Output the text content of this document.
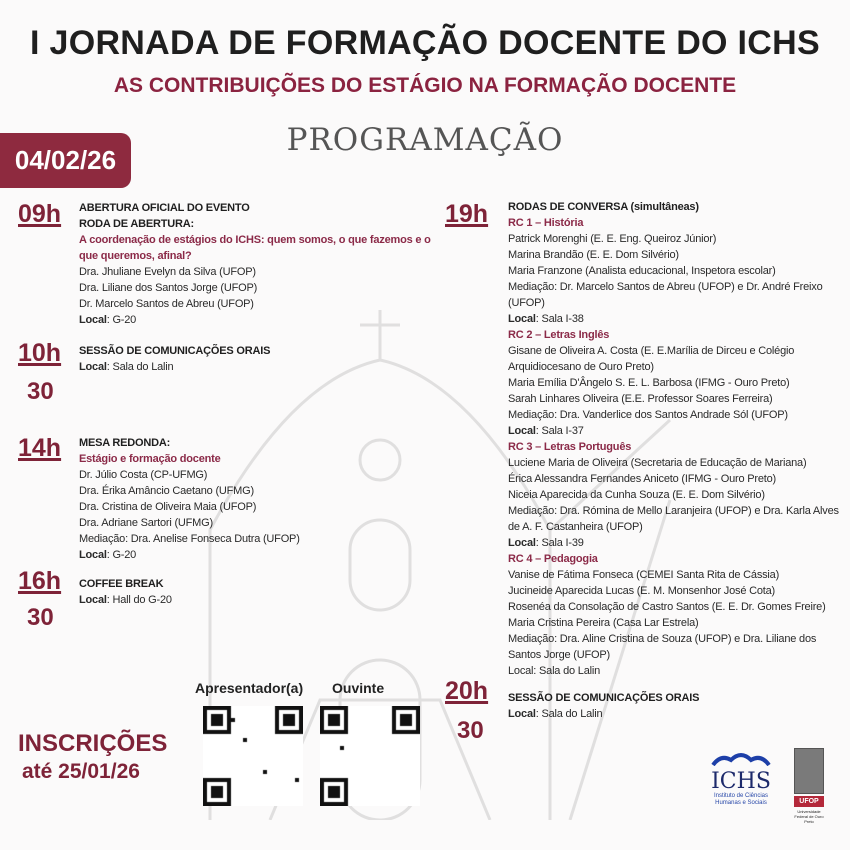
I JORNADA DE FORMAÇÃO DOCENTE DO ICHS
AS CONTRIBUIÇÕES DO ESTÁGIO NA FORMAÇÃO DOCENTE
PROGRAMAÇÃO
04/02/26
09h ABERTURA OFICIAL DO EVENTO
RODA DE ABERTURA:
A coordenação de estágios do ICHS: quem somos, o que fazemos e o
que queremos, afinal?
Dra. Jhuliane Evelyn da Silva (UFOP)
Dra. Liliane dos Santos Jorge (UFOP)
Dr. Marcelo Santos de Abreu (UFOP)
Local: G-20
10h
30
SESSÃO DE COMUNICAÇÕES ORAIS
Local: Sala do Lalin
14h MESA REDONDA:
Estágio e formação docente
Dr. Júlio Costa (CP-UFMG)
Dra. Érika Amâncio Caetano (UFMG)
Dra. Cristina de Oliveira Maia (UFOP)
Dra. Adriane Sartori (UFMG)
Mediação: Dra. Anelise Fonseca Dutra (UFOP)
Local: G-20
16h
30
COFFEE BREAK
Local: Hall do G-20
19h RODAS DE CONVERSA (simultâneas)
RC 1 – História
Patrick Morenghi (E. E. Eng. Queiroz Júnior)
Marina Brandão (E. E. Dom Silvério)
Maria Franzone (Analista educacional, Inspetora escolar)
Mediação: Dr. Marcelo Santos de Abreu (UFOP) e Dr. André Freixo
(UFOP)
Local: Sala I-38
RC 2 – Letras Inglês
Gisane de Oliveira A. Costa (E. E.Marília de Dirceu e Colégio
Arquidiocesano de Ouro Preto)
Maria Emília D'Ângelo S. E. L. Barbosa (IFMG - Ouro Preto)
Sarah Linhares Oliveira (E.E. Professor Soares Ferreira)
Mediação: Dra. Vanderlice dos Santos Andrade Sól (UFOP)
Local: Sala I-37
RC 3 – Letras Português
Luciene Maria de Oliveira (Secretaria de Educação de Mariana)
Érica Alessandra Fernandes Aniceto (IFMG - Ouro Preto)
Niceia Aparecida da Cunha Souza (E. E. Dom Silvério)
Mediação: Dra. Rómina de Mello Laranjeira (UFOP) e Dra. Karla Alves
de A. F. Castanheira (UFOP)
Local: Sala I-39
RC 4 – Pedagogia
Vanise de Fátima Fonseca (CEMEI Santa Rita de Cássia)
Jucineide Aparecida Lucas (E. M. Monsenhor José Cota)
Rosenéa da Consolação de Castro Santos (E. E. Dr. Gomes Freire)
Maria Cristina Pereira (Casa Lar Estrela)
Mediação: Dra. Aline Cristina de Souza (UFOP) e Dra. Liliane dos
Santos Jorge (UFOP)
Local: Sala do Lalin
20h
30
SESSÃO DE COMUNICAÇÕES ORAIS
Local: Sala do Lalin
Apresentador(a) Ouvinte
INSCRIÇÕES
até 25/01/26	ICHS
Instituto de Ciências Humanas e Sociais	UFOP
Universidade Federal de Ouro Preto
